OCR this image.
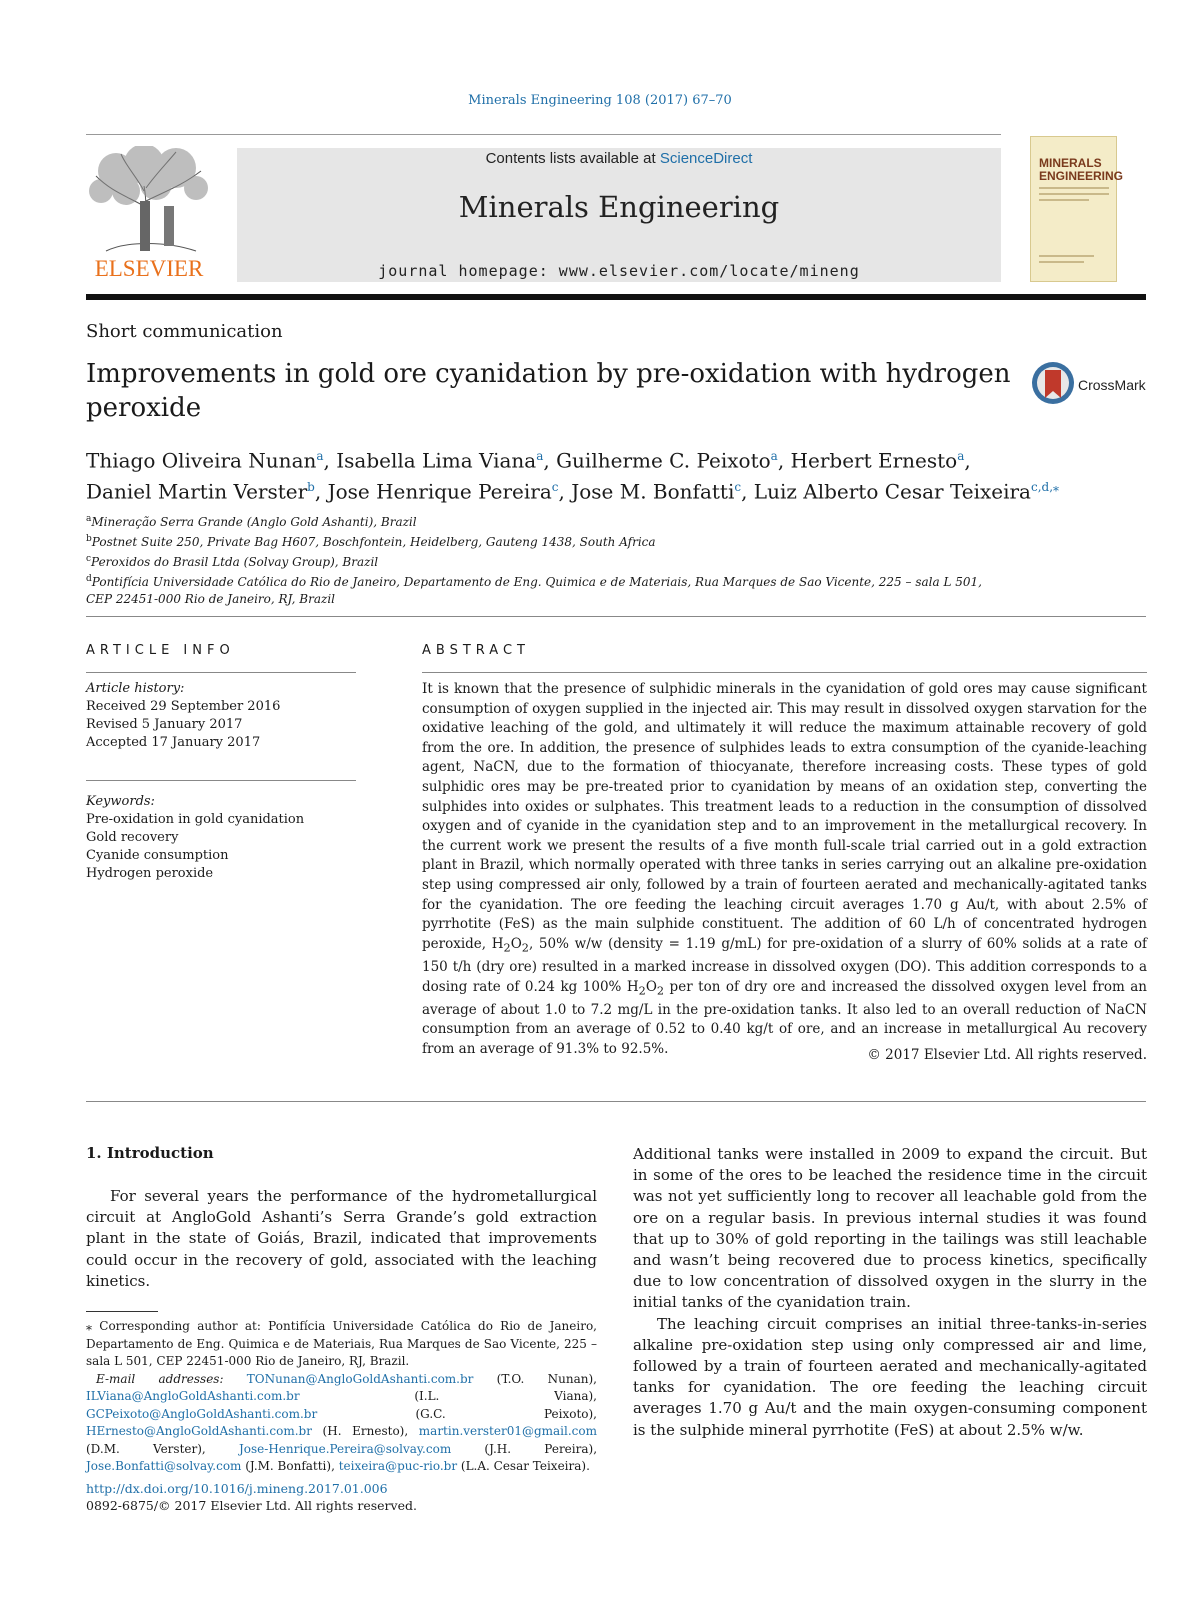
Minerals Engineering 108 (2017) 67–70
ELSEVIER
Contents lists available at ScienceDirect
Minerals Engineering
journal homepage: www.elsevier.com/locate/mineng
MINERALS
ENGINEERING
Short communication
Improvements in gold ore cyanidation by pre-oxidation with hydrogen peroxide
CrossMark
Thiago Oliveira Nunan$^a$, Isabella Lima Viana$^a$, Guilherme C. Peixoto$^a$, Herbert Ernesto$^a$,
Daniel Martin Verster$^b$, Jose Henrique Pereira$^c$, Jose M. Bonfatti$^c$, Luiz Alberto Cesar Teixeira$^{c,d,⁎}$
$^a$Mineração Serra Grande (Anglo Gold Ashanti), Brazil
$^b$Postnet Suite 250, Private Bag H607, Boschfontein, Heidelberg, Gauteng 1438, South Africa
$^c$Peroxidos do Brasil Ltda (Solvay Group), Brazil
$^d$Pontifícia Universidade Católica do Rio de Janeiro, Departamento de Eng. Quimica e de Materiais, Rua Marques de Sao Vicente, 225 – sala L 501,
CEP 22451-000 Rio de Janeiro, RJ, Brazil
ARTICLE INFO	ABSTRACT
Article history:
Received 29 September 2016
Revised 5 January 2017
Accepted 17 January 2017
Keywords:
Pre-oxidation in gold cyanidation
Gold recovery
Cyanide consumption
Hydrogen peroxide
It is known that the presence of sulphidic minerals in the cyanidation of gold ores may cause significant consumption of oxygen supplied in the injected air. This may result in dissolved oxygen starvation for the oxidative leaching of the gold, and ultimately it will reduce the maximum attainable recovery of gold from the ore. In addition, the presence of sulphides leads to extra consumption of the cyanide-leaching agent, NaCN, due to the formation of thiocyanate, therefore increasing costs. These types of gold sulphidic ores may be pre-treated prior to cyanidation by means of an oxidation step, converting the sulphides into oxides or sulphates. This treatment leads to a reduction in the consumption of dissolved oxygen and of cyanide in the cyanidation step and to an improvement in the metallurgical recovery. In the current work we present the results of a five month full-scale trial carried out in a gold extraction plant in Brazil, which normally operated with three tanks in series carrying out an alkaline pre-oxidation step using compressed air only, followed by a train of fourteen aerated and mechanically-agitated tanks for the cyanidation. The ore feeding the leaching circuit averages 1.70 g Au/t, with about 2.5% of pyrrhotite (FeS) as the main sulphide constituent. The addition of 60 L/h of concentrated hydrogen peroxide, $H_2O_2$, 50% w/w (density = 1.19 g/mL) for pre-oxidation of a slurry of 60% solids at a rate of 150 t/h (dry ore) resulted in a marked increase in dissolved oxygen (DO). This addition corresponds to a dosing rate of 0.24 kg 100% $H_2O_2$ per ton of dry ore and increased the dissolved oxygen level from an average of about 1.0 to 7.2 mg/L in the pre-oxidation tanks. It also led to an overall reduction of NaCN consumption from an average of 0.52 to 0.40 kg/t of ore, and an increase in metallurgical Au recovery from an average of 91.3% to 92.5%.	© 2017 Elsevier Ltd. All rights reserved.
1. Introduction

For several years the performance of the hydrometallurgical circuit at AngloGold Ashanti’s Serra Grande’s gold extraction plant in the state of Goiás, Brazil, indicated that improvements could occur in the recovery of gold, associated with the leaching kinetics.

Additional tanks were installed in 2009 to expand the circuit. But in some of the ores to be leached the residence time in the circuit was not yet sufficiently long to recover all leachable gold from the ore on a regular basis. In previous internal studies it was found that up to 30% of gold reporting in the tailings was still leachable and wasn’t being recovered due to process kinetics, specifically due to low concentration of dissolved oxygen in the slurry in the initial tanks of the cyanidation train.

The leaching circuit comprises an initial three-tanks-in-series alkaline pre-oxidation step using only compressed air and lime, followed by a train of fourteen aerated and mechanically-agitated tanks for cyanidation. The ore feeding the leaching circuit averages 1.70 g Au/t and the main oxygen-consuming component is the sulphide mineral pyrrhotite (FeS) at about 2.5% w/w.

⁎ Corresponding author at: Pontifícia Universidade Católica do Rio de Janeiro, Departamento de Eng. Quimica e de Materiais, Rua Marques de Sao Vicente, 225 – sala L 501, CEP 22451-000 Rio de Janeiro, RJ, Brazil.

E-mail addresses: TONunan@AngloGoldAshanti.com.br (T.O. Nunan), ILViana@AngloGoldAshanti.com.br (I.L. Viana), GCPeixoto@AngloGoldAshanti.com.br (G.C. Peixoto), HErnesto@AngloGoldAshanti.com.br (H. Ernesto), martin.verster01@gmail.com (D.M. Verster), Jose-Henrique.Pereira@solvay.com (J.H. Pereira), Jose.Bonfatti@solvay.com (J.M. Bonfatti), teixeira@puc-rio.br (L.A. Cesar Teixeira).

http://dx.doi.org/10.1016/j.mineng.2017.01.006
0892-6875/© 2017 Elsevier Ltd. All rights reserved.
